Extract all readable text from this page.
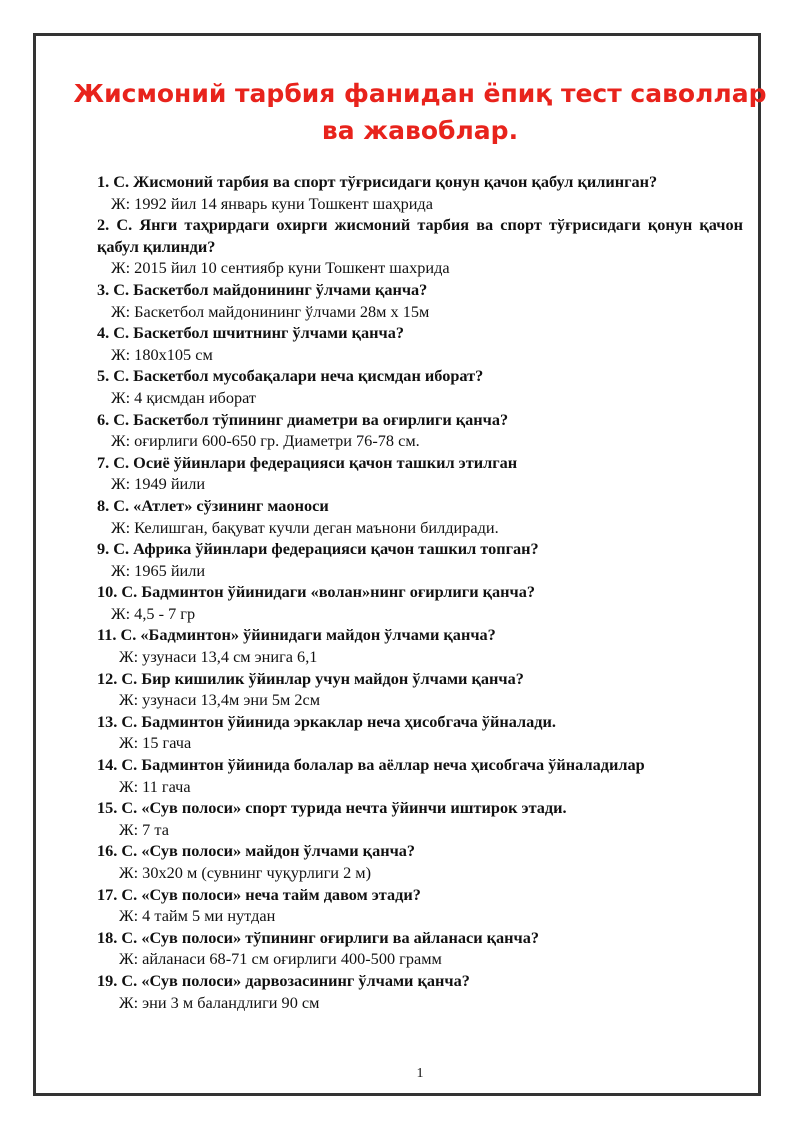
Жисмоний тарбия фанидан ёпиқ тест саволлар
ва жавоблар.
1. С. Жисмоний тарбия ва спорт тўғрисидаги қонун қачон қабул қилинган?
Ж: 1992 йил 14 январь куни Тошкент шаҳрида
2. С. Янги таҳрирдаги охирги жисмоний тарбия ва спорт тўғрисидаги қонун қачон қабул қилинди?
Ж: 2015 йил 10 сентиябр куни Тошкент шахрида
3. С. Баскетбол майдонининг ўлчами қанча?
Ж: Баскетбол майдонининг ўлчами 28м x 15м
4. С. Баскетбол шчитнинг ўлчами қанча?
Ж: 180х105 см
5. С. Баскетбол мусобақалари неча қисмдан иборат?
Ж: 4 қисмдан иборат
6. С. Баскетбол тўпининг диаметри ва оғирлиги қанча?
Ж: оғирлиги 600-650 гр. Диаметри 76-78 см.
7. С. Осиё ўйинлари федерацияси қачон ташкил этилган
Ж: 1949 йили
8. С. «Атлет» сўзининг маоноси
Ж: Келишган, бақуват кучли деган маънони билдиради.
9. С. Африка ўйинлари федерацияси қачон ташкил топган?
Ж: 1965 йили
10. С. Бадминтон ўйинидаги «волан»нинг оғирлиги қанча?
Ж: 4,5 - 7 гр
11. С. «Бадминтон» ўйинидаги майдон ўлчами қанча?
Ж: узунаси 13,4 см энига 6,1
12. С. Бир кишилик ўйинлар учун майдон ўлчами қанча?
Ж: узунаси 13,4м эни 5м 2см
13. С. Бадминтон ўйинида эркаклар неча ҳисобгача ўйналади.
Ж: 15 гача
14. С. Бадминтон ўйинида болалар ва аёллар неча ҳисобгача ўйналадилар
Ж: 11 гача
15. С. «Сув полоси» спорт турида нечта ўйинчи иштирок этади.
Ж: 7 та
16. С. «Сув полоси» майдон ўлчами қанча?
Ж: 30х20 м (сувнинг чуқурлиги 2 м)
17. С. «Сув полоси» неча тайм давом этади?
Ж: 4 тайм 5 ми нутдан
18. С. «Сув полоси» тўпининг оғирлиги ва айланаси қанча?
Ж: айланаси 68-71 см оғирлиги 400-500 грамм
19. С. «Сув полоси» дарвозасининг ўлчами қанча?
Ж: эни 3 м баландлиги 90 см
1
